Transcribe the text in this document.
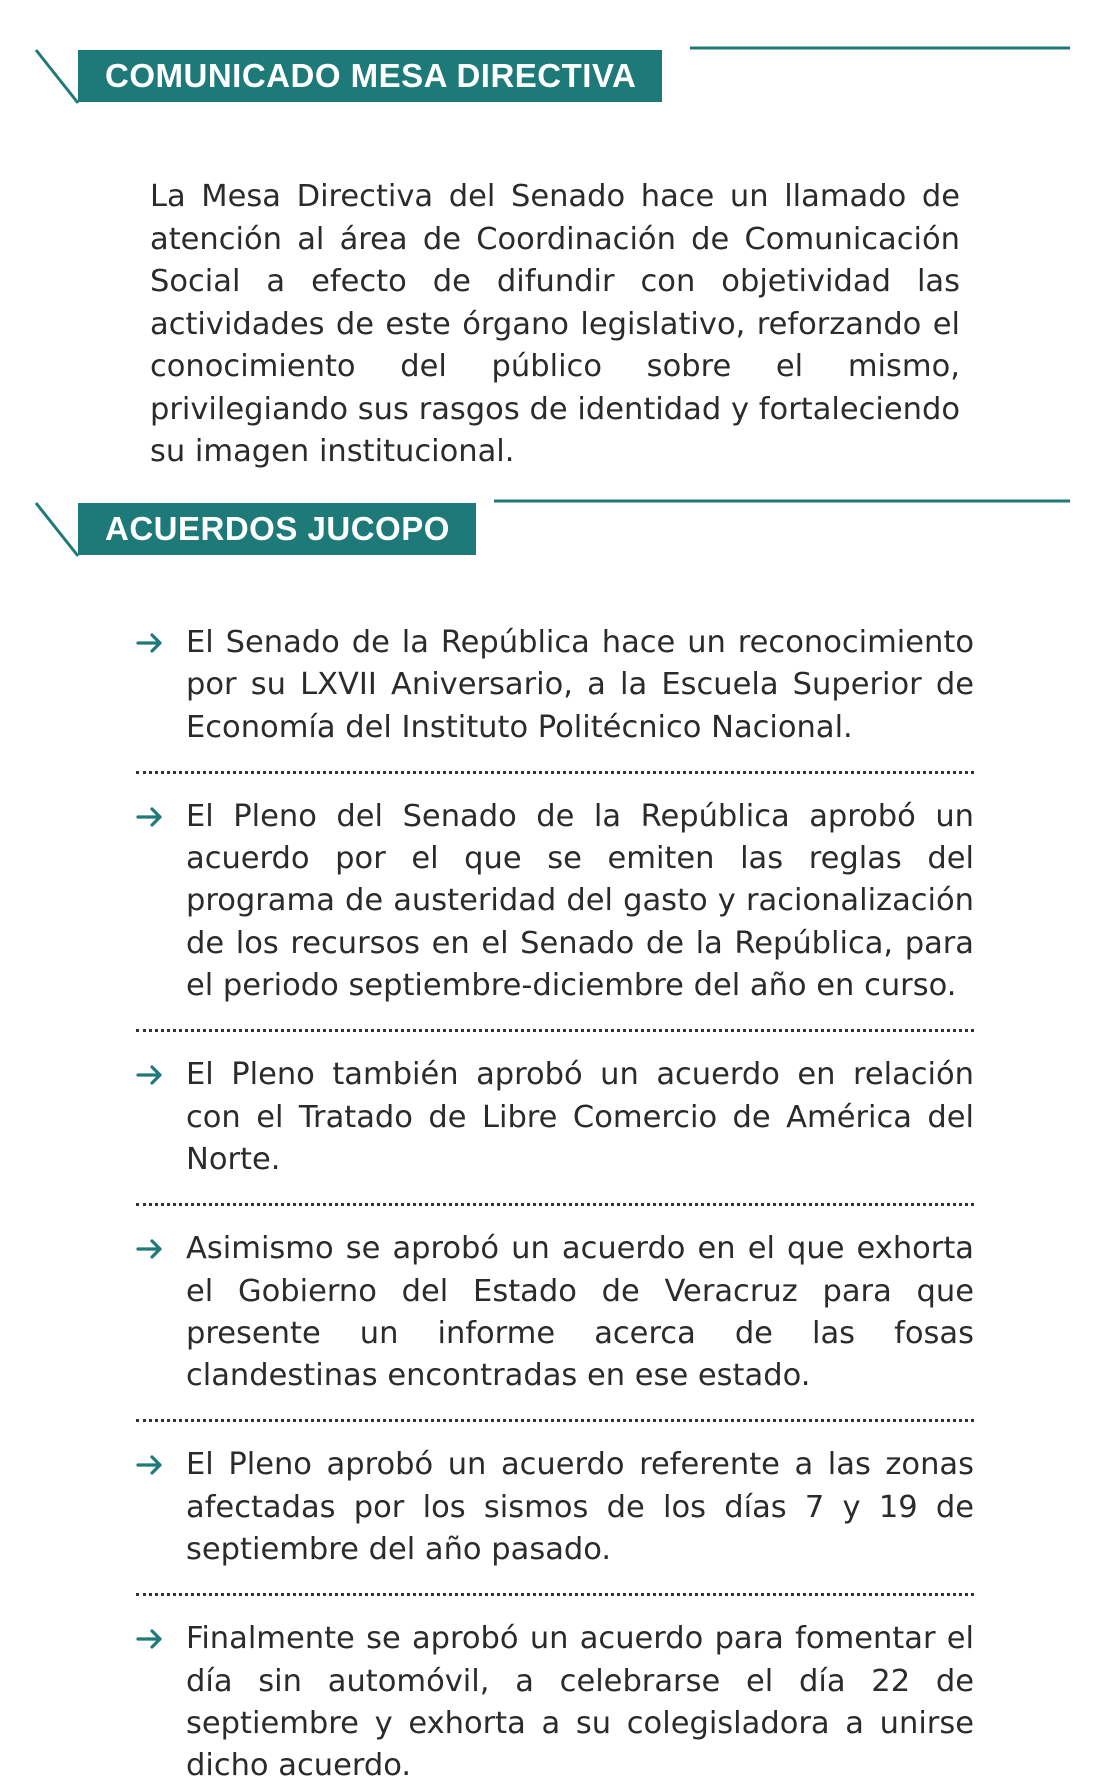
COMUNICADO MESA DIRECTIVA

La Mesa Directiva del Senado hace un llamado de atención al área de Coordinación de Comunicación Social a efecto de difundir con objetividad las actividades de este órgano legislativo, reforzando el conocimiento del público sobre el mismo, privilegiando sus rasgos de identidad y fortaleciendo su imagen institucional.

ACUERDOS JUCOPO
El Senado de la República hace un reconocimiento por su LXVII Aniversario, a la Escuela Superior de Economía del Instituto Politécnico Nacional.
El Pleno del Senado de la República aprobó un acuerdo por el que se emiten las reglas del programa de austeridad del gasto y racionalización de los recursos en el Senado de la República, para el periodo septiembre-diciembre del año en curso.
El Pleno también aprobó un acuerdo en relación con el Tratado de Libre Comercio de América del Norte.
Asimismo se aprobó un acuerdo en el que exhorta el Gobierno del Estado de Veracruz para que presente un informe acerca de las fosas clandestinas encontradas en ese estado.
El Pleno aprobó un acuerdo referente a las zonas afectadas por los sismos de los días 7 y 19 de septiembre del año pasado.
Finalmente se aprobó un acuerdo para fomentar el día sin automóvil, a celebrarse el día 22 de septiembre y exhorta a su colegisladora a unirse dicho acuerdo.
